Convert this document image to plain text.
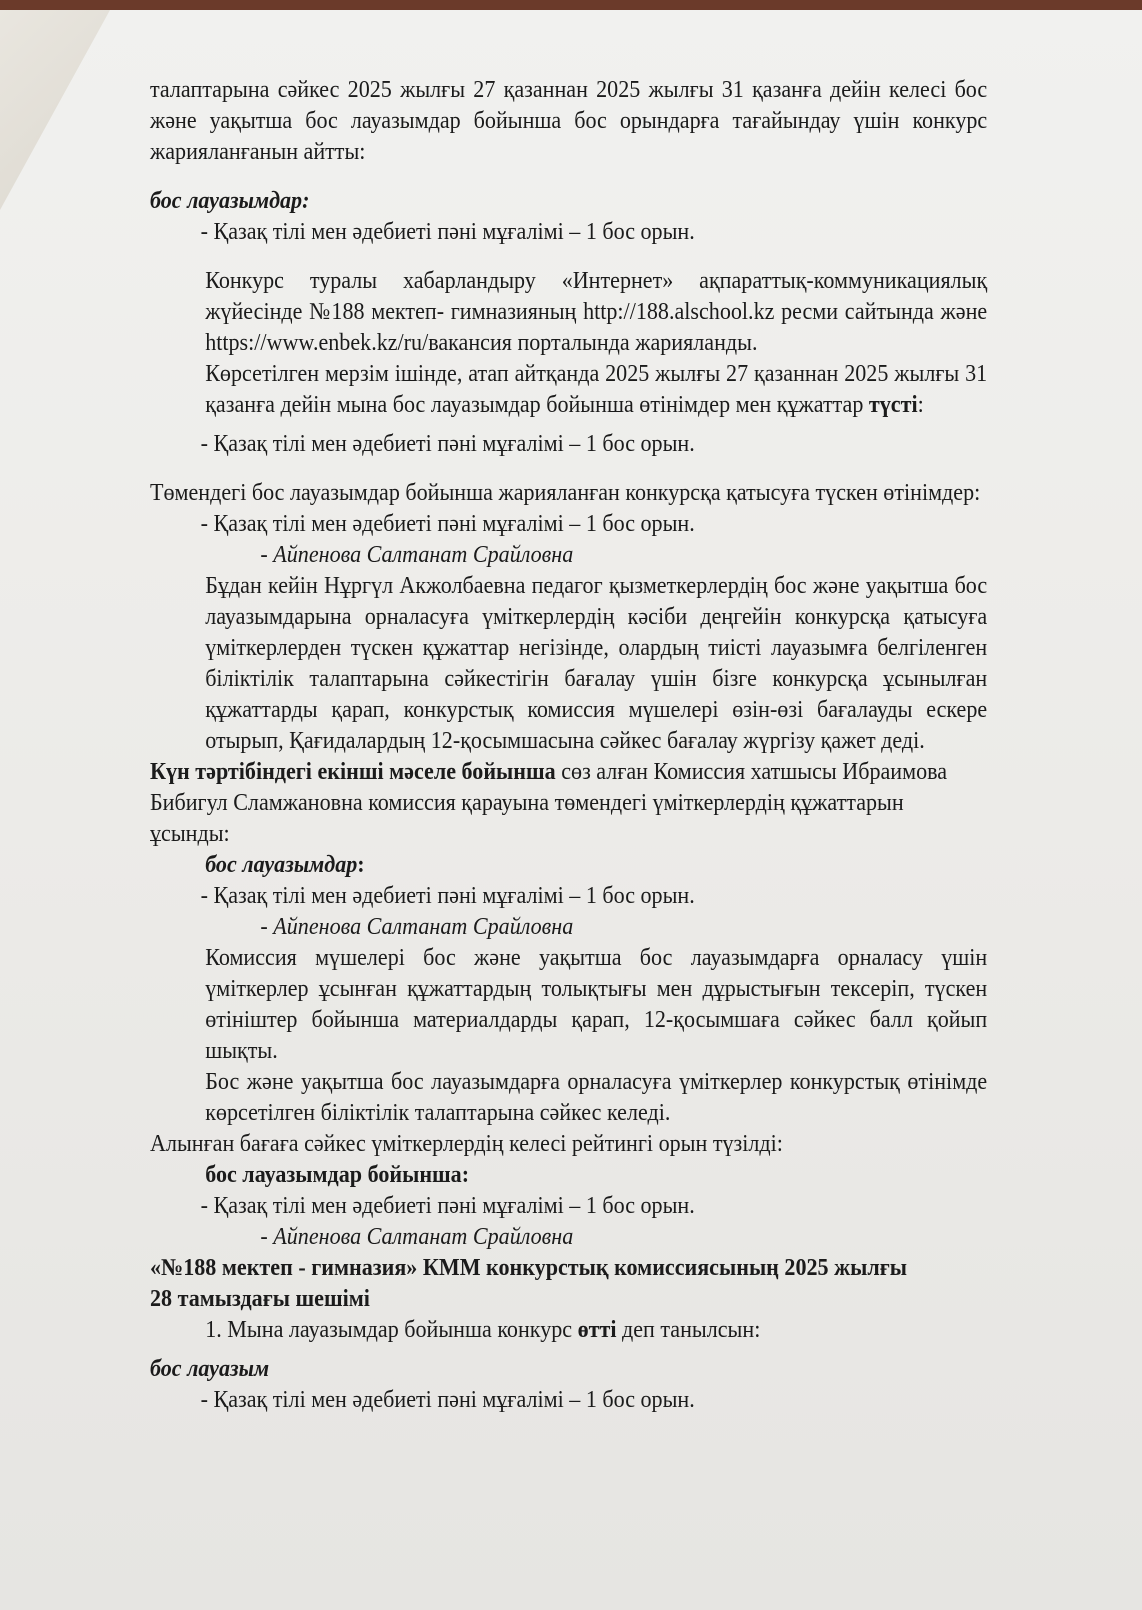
талаптарына сәйкес 2025 жылғы 27 қазаннан 2025 жылғы 31 қазанға дейін келесі бос және уақытша бос лауазымдар бойынша бос орындарға тағайындау үшін конкурс жарияланғанын айтты:

бос лауазымдар:

- Қазақ тілі мен әдебиеті пәні мұғалімі – 1 бос орын.

Конкурс туралы хабарландыру «Интернет» ақпараттық-коммуникациялық жүйесінде №188 мектеп- гимназияның http://188.alschool.kz ресми сайтында және https://www.enbek.kz/ru/вакансия порталында жарияланды.

Көрсетілген мерзім ішінде, атап айтқанда 2025 жылғы 27 қазаннан 2025 жылғы 31 қазанға дейін мына бос лауазымдар бойынша өтінімдер мен құжаттар түсті:

- Қазақ тілі мен әдебиеті пәні мұғалімі – 1 бос орын.

Төмендегі бос лауазымдар бойынша жарияланған конкурсқа қатысуға түскен өтінімдер:

- Қазақ тілі мен әдебиеті пәні мұғалімі – 1 бос орын.

- Айпенова Салтанат Срайловна

Бұдан кейін Нұргүл Акжолбаевна педагог қызметкерлердің бос және уақытша бос лауазымдарына орналасуға үміткерлердің кәсіби деңгейін конкурсқа қатысуға үміткерлерден түскен құжаттар негізінде, олардың тиісті лауазымға белгіленген біліктілік талаптарына сәйкестігін бағалау үшін бізге конкурсқа ұсынылған құжаттарды қарап, конкурстық комиссия мүшелері өзін-өзі бағалауды ескере отырып, Қағидалардың 12-қосымшасына сәйкес бағалау жүргізу қажет деді.

Күн тәртібіндегі екінші мәселе бойынша сөз алған Комиссия хатшысы Ибраимова Бибигул Сламжановна комиссия қарауына төмендегі үміткерлердің құжаттарын ұсынды:

бос лауазымдар:

- Қазақ тілі мен әдебиеті пәні мұғалімі – 1 бос орын.

- Айпенова Салтанат Срайловна

Комиссия мүшелері бос және уақытша бос лауазымдарға орналасу үшін үміткерлер ұсынған құжаттардың толықтығы мен дұрыстығын тексеріп, түскен өтініштер бойынша материалдарды қарап, 12-қосымшаға сәйкес балл қойып шықты.

Бос және уақытша бос лауазымдарға орналасуға үміткерлер конкурстық өтінімде көрсетілген біліктілік талаптарына сәйкес келеді.

Алынған бағаға сәйкес үміткерлердің келесі рейтингі орын түзілді:

бос лауазымдар бойынша:

- Қазақ тілі мен әдебиеті пәні мұғалімі – 1 бос орын.

- Айпенова Салтанат Срайловна

«№188 мектеп - гимназия» КММ конкурстық комиссиясының 2025 жылғы 28 тамыздағы шешімі

1. Мына лауазымдар бойынша конкурс өтті деп танылсын:

бос лауазым

- Қазақ тілі мен әдебиеті пәні мұғалімі – 1 бос орын.
